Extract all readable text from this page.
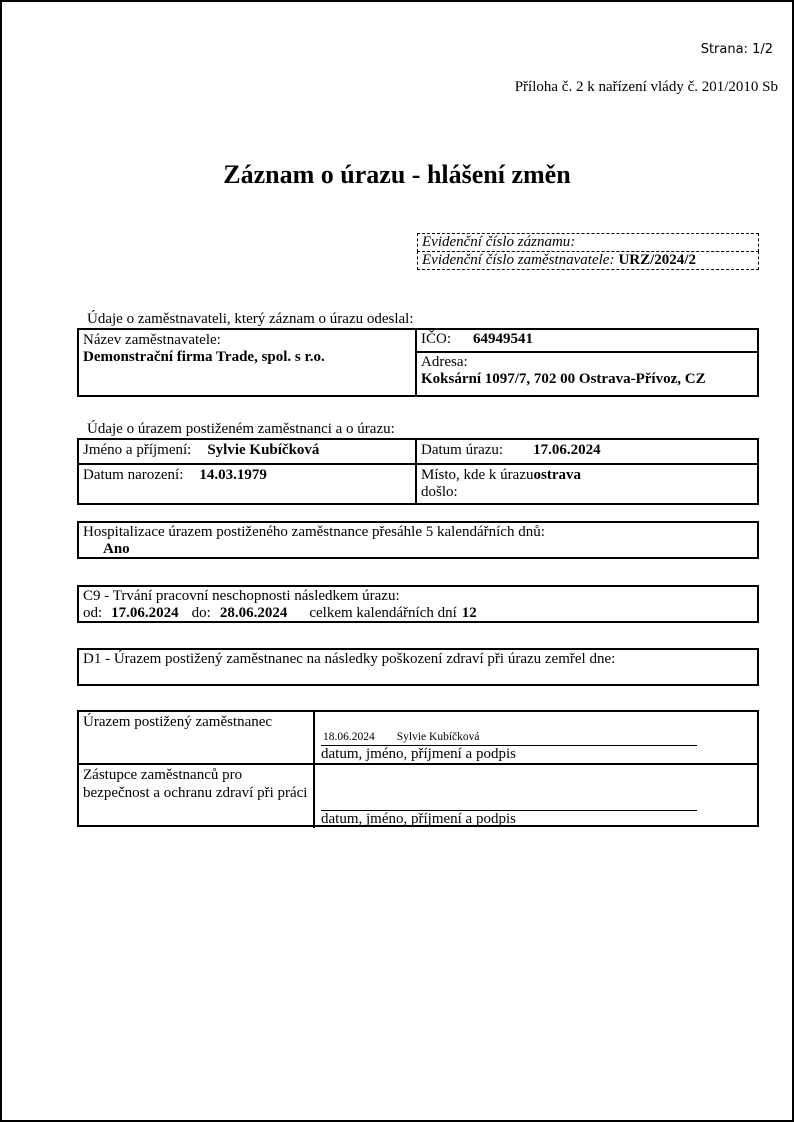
Strana: 1/2
Příloha č. 2 k nařízení vlády č. 201/2010 Sb
Záznam o úrazu - hlášení změn
Evidenční číslo záznamu:
Evidenční číslo zaměstnavatele: URZ/2024/2
Údaje o zaměstnavateli, který záznam o úrazu odeslal:
Název zaměstnavatele:
Demonstrační firma Trade, spol. s r.o.
IČO: 64949541
Adresa:
Koksární 1097/7, 702 00 Ostrava-Přívoz, CZ
Údaje o úrazem postiženém zaměstnanci a o úrazu:
Jméno a příjmení: Sylvie Kubíčková	Datum úrazu: 17.06.2024
Datum narození: 14.03.1979	Místo, kde k úrazuostrava
došlo:
Hospitalizace úrazem postiženého zaměstnance přesáhle 5 kalendářních dnů:
Ano
C9 - Trvání pracovní neschopnosti následkem úrazu:
od: 17.06.2024 do: 28.06.2024 celkem kalendářních dní 12
D1 - Úrazem postižený zaměstnanec na následky poškození zdraví při úrazu zemřel dne:
Úrazem postižený zaměstnanec
18.06.2024 Sylvie Kubíčková
datum, jméno, příjmení a podpis
Zástupce zaměstnanců pro
bezpečnost a ochranu zdraví při práci
datum, jméno, příjmení a podpis
